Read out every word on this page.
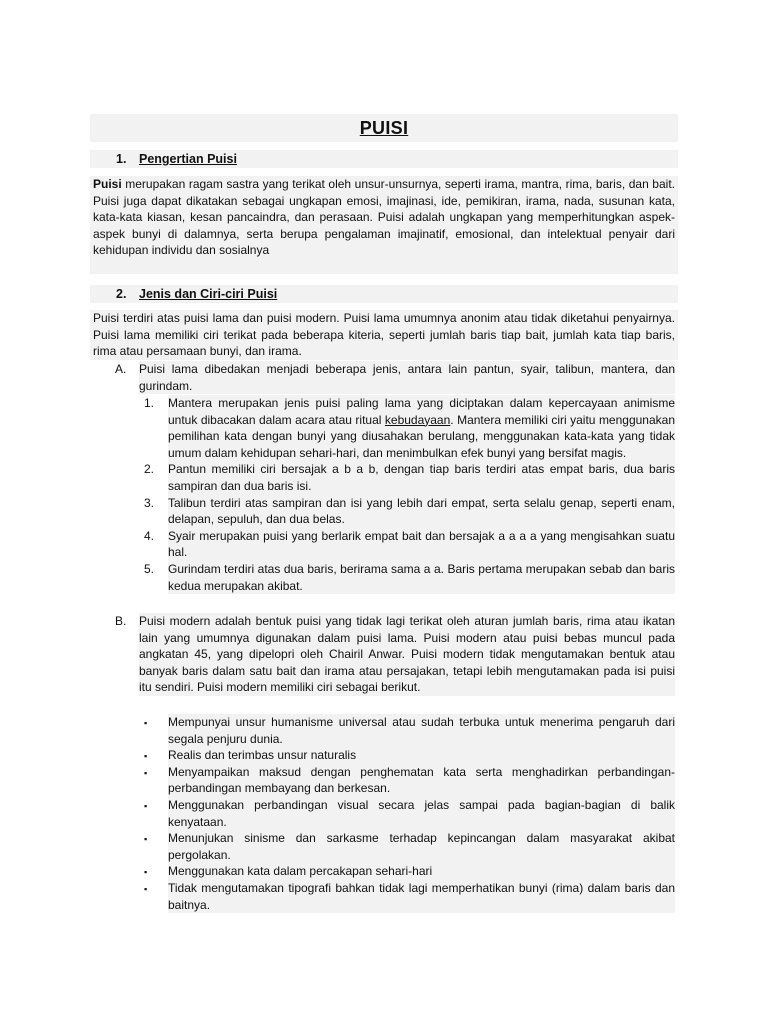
PUISI
1. Pengertian Puisi
Puisi merupakan ragam sastra yang terikat oleh unsur-unsurnya, seperti irama, mantra, rima, baris, dan bait. Puisi juga dapat dikatakan sebagai ungkapan emosi, imajinasi, ide, pemikiran, irama, nada, susunan kata, kata-kata kiasan, kesan pancaindra, dan perasaan. Puisi adalah ungkapan yang memperhitungkan aspek-aspek bunyi di dalamnya, serta berupa pengalaman imajinatif, emosional, dan intelektual penyair dari kehidupan individu dan sosialnya
2. Jenis dan Ciri-ciri Puisi
Puisi terdiri atas puisi lama dan puisi modern. Puisi lama umumnya anonim atau tidak diketahui penyairnya. Puisi lama memiliki ciri terikat pada beberapa kiteria, seperti jumlah baris tiap bait, jumlah kata tiap baris, rima atau persamaan bunyi, dan irama.
A. Puisi lama dibedakan menjadi beberapa jenis, antara lain pantun, syair, talibun, mantera, dan gurindam.
1. Mantera merupakan jenis puisi paling lama yang diciptakan dalam kepercayaan animisme untuk dibacakan dalam acara atau ritual kebudayaan. Mantera memiliki ciri yaitu menggunakan pemilihan kata dengan bunyi yang diusahakan berulang, menggunakan kata-kata yang tidak umum dalam kehidupan sehari-hari, dan menimbulkan efek bunyi yang bersifat magis.
2. Pantun memiliki ciri bersajak a b a b, dengan tiap baris terdiri atas empat baris, dua baris sampiran dan dua baris isi.
3. Talibun terdiri atas sampiran dan isi yang lebih dari empat, serta selalu genap, seperti enam, delapan, sepuluh, dan dua belas.
4. Syair merupakan puisi yang berlarik empat bait dan bersajak a a a a yang mengisahkan suatu hal.
5. Gurindam terdiri atas dua baris, berirama sama a a. Baris pertama merupakan sebab dan baris kedua merupakan akibat.
B. Puisi modern adalah bentuk puisi yang tidak lagi terikat oleh aturan jumlah baris, rima atau ikatan lain yang umumnya digunakan dalam puisi lama. Puisi modern atau puisi bebas muncul pada angkatan 45, yang dipelopri oleh Chairil Anwar. Puisi modern tidak mengutamakan bentuk atau banyak baris dalam satu bait dan irama atau persajakan, tetapi lebih mengutamakan pada isi puisi itu sendiri. Puisi modern memiliki ciri sebagai berikut.
▪ Mempunyai unsur humanisme universal atau sudah terbuka untuk menerima pengaruh dari segala penjuru dunia.
▪ Realis dan terimbas unsur naturalis
▪ Menyampaikan maksud dengan penghematan kata serta menghadirkan perbandingan-perbandingan membayang dan berkesan.
▪ Menggunakan perbandingan visual secara jelas sampai pada bagian-bagian di balik kenyataan.
▪ Menunjukan sinisme dan sarkasme terhadap kepincangan dalam masyarakat akibat pergolakan.
▪ Menggunakan kata dalam percakapan sehari-hari
▪ Tidak mengutamakan tipografi bahkan tidak lagi memperhatikan bunyi (rima) dalam baris dan baitnya.
